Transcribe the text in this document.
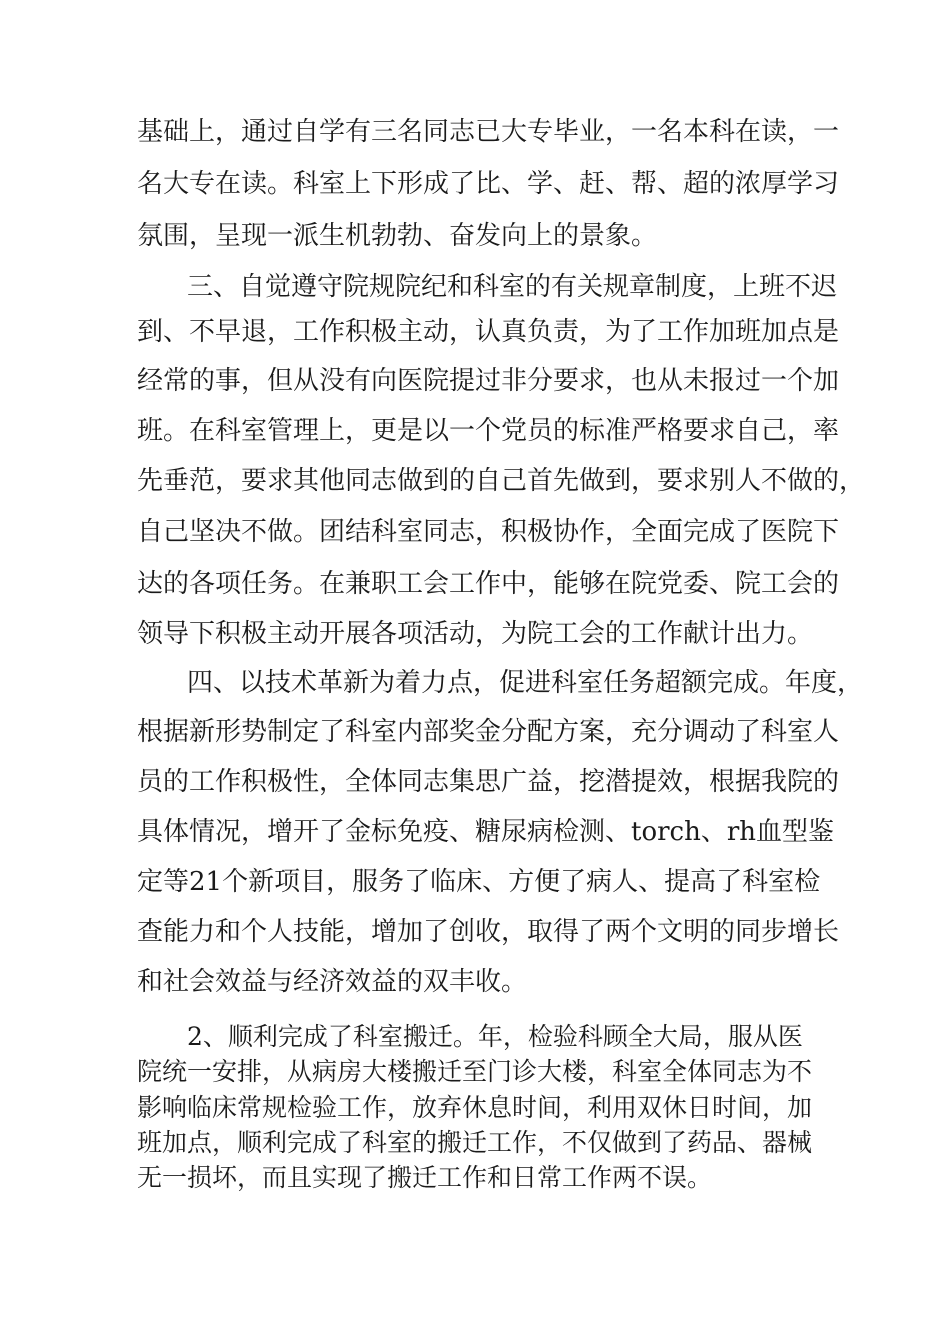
基础上，通过自学有三名同志已大专毕业，一名本科在读，一
名大专在读。科室上下形成了比、学、赶、帮、超的浓厚学习
氛围，呈现一派生机勃勃、奋发向上的景象。
三、自觉遵守院规院纪和科室的有关规章制度，上班不迟
到、不早退，工作积极主动，认真负责，为了工作加班加点是
经常的事，但从没有向医院提过非分要求，也从未报过一个加
班。在科室管理上，更是以一个党员的标准严格要求自己，率
先垂范，要求其他同志做到的自己首先做到，要求别人不做的，
自己坚决不做。团结科室同志，积极协作，全面完成了医院下
达的各项任务。在兼职工会工作中，能够在院党委、院工会的
领导下积极主动开展各项活动，为院工会的工作献计出力。
四、以技术革新为着力点，促进科室任务超额完成。年度，
根据新形势制定了科室内部奖金分配方案，充分调动了科室人
员的工作积极性，全体同志集思广益，挖潜提效，根据我院的
具体情况，增开了金标免疫、糖尿病检测、torch、rh血型鉴
定等21个新项目，服务了临床、方便了病人、提高了科室检
查能力和个人技能，增加了创收，取得了两个文明的同步增长
和社会效益与经济效益的双丰收。
2、顺利完成了科室搬迁。年，检验科顾全大局，服从医
院统一安排，从病房大楼搬迁至门诊大楼，科室全体同志为不
影响临床常规检验工作，放弃休息时间，利用双休日时间，加
班加点，顺利完成了科室的搬迁工作，不仅做到了药品、器械
无一损坏，而且实现了搬迁工作和日常工作两不误。
